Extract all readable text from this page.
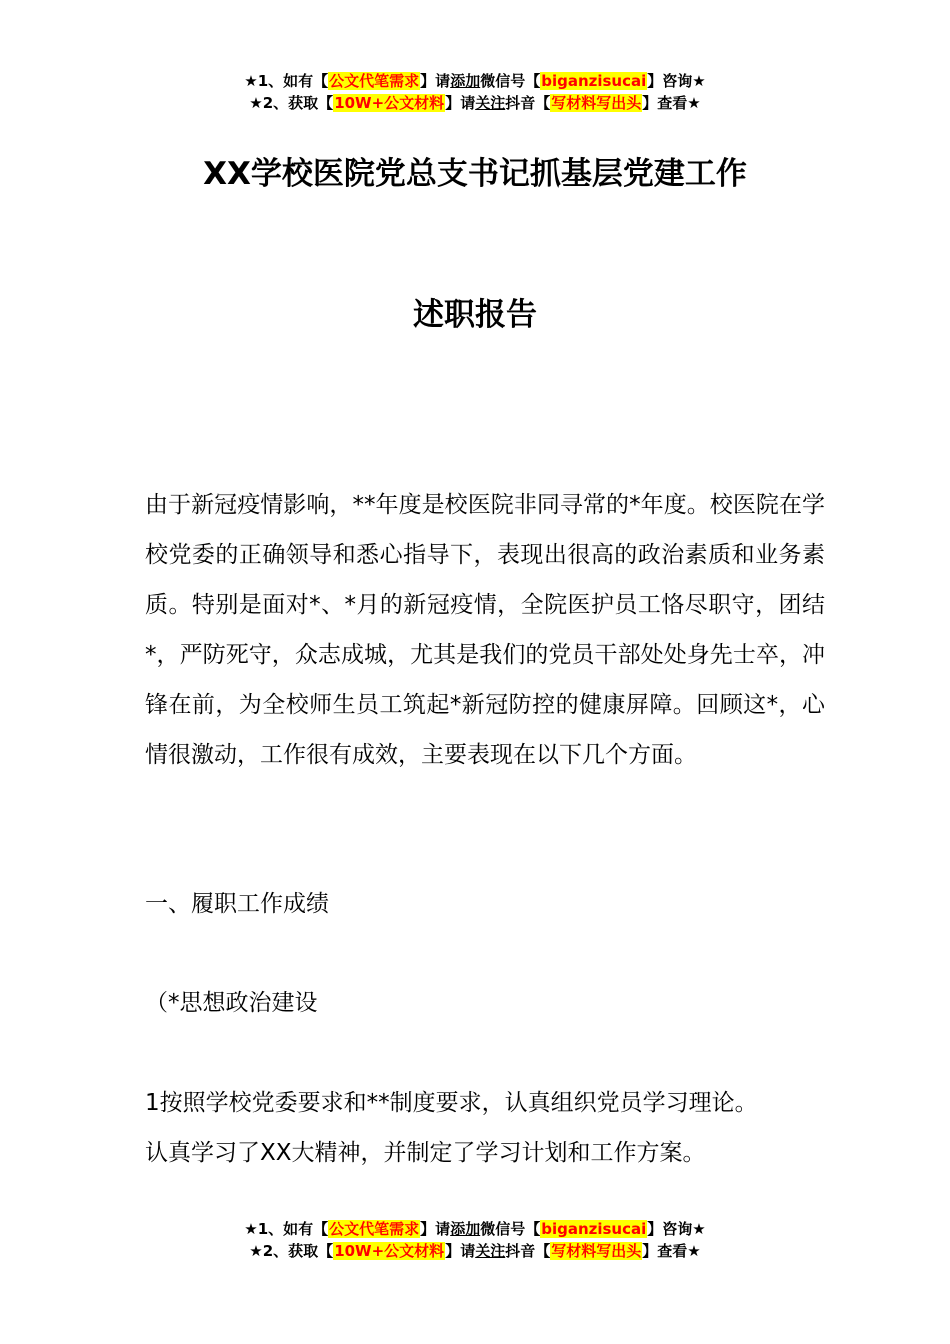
★1、如有【公文代笔需求】请添加微信号【biganzisucai】咨询★
★2、获取【10W+公文材料】请关注抖音【写材料写出头】查看★
XX学校医院党总支书记抓基层党建工作
述职报告

由于新冠疫情影响，**年度是校医院非同寻常的*年度。校医院在学校党委的正确领导和悉心指导下，表现出很高的政治素质和业务素质。特别是面对*、*月的新冠疫情，全院医护员工恪尽职守，团结*，严防死守，众志成城，尤其是我们的党员干部处处身先士卒，冲锋在前，为全校师生员工筑起*新冠防控的健康屏障。回顾这*，心情很激动，工作很有成效，主要表现在以下几个方面。

一、履职工作成绩
（*思想政治建设

1按照学校党委要求和**制度要求，认真组织党员学习理论。

认真学习了XX大精神，并制定了学习计划和工作方案。

★1、如有【公文代笔需求】请添加微信号【biganzisucai】咨询★
★2、获取【10W+公文材料】请关注抖音【写材料写出头】查看★
